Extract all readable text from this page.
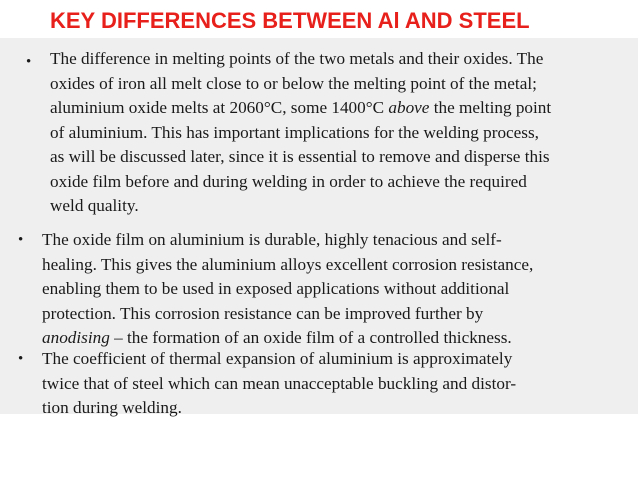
KEY DIFFERENCES BETWEEN Al AND STEEL
• The difference in melting points of the two metals and their oxides. The
oxides of iron all melt close to or below the melting point of the metal;
aluminium oxide melts at 2060°C, some 1400°C above the melting point
of aluminium. This has important implications for the welding process,
as will be discussed later, since it is essential to remove and disperse this
oxide film before and during welding in order to achieve the required
weld quality.
• The oxide film on aluminium is durable, highly tenacious and self-
healing. This gives the aluminium alloys excellent corrosion resistance,
enabling them to be used in exposed applications without additional
protection. This corrosion resistance can be improved further by
anodising – the formation of an oxide film of a controlled thickness.
• The coefficient of thermal expansion of aluminium is approximately
twice that of steel which can mean unacceptable buckling and distor-
tion during welding.
